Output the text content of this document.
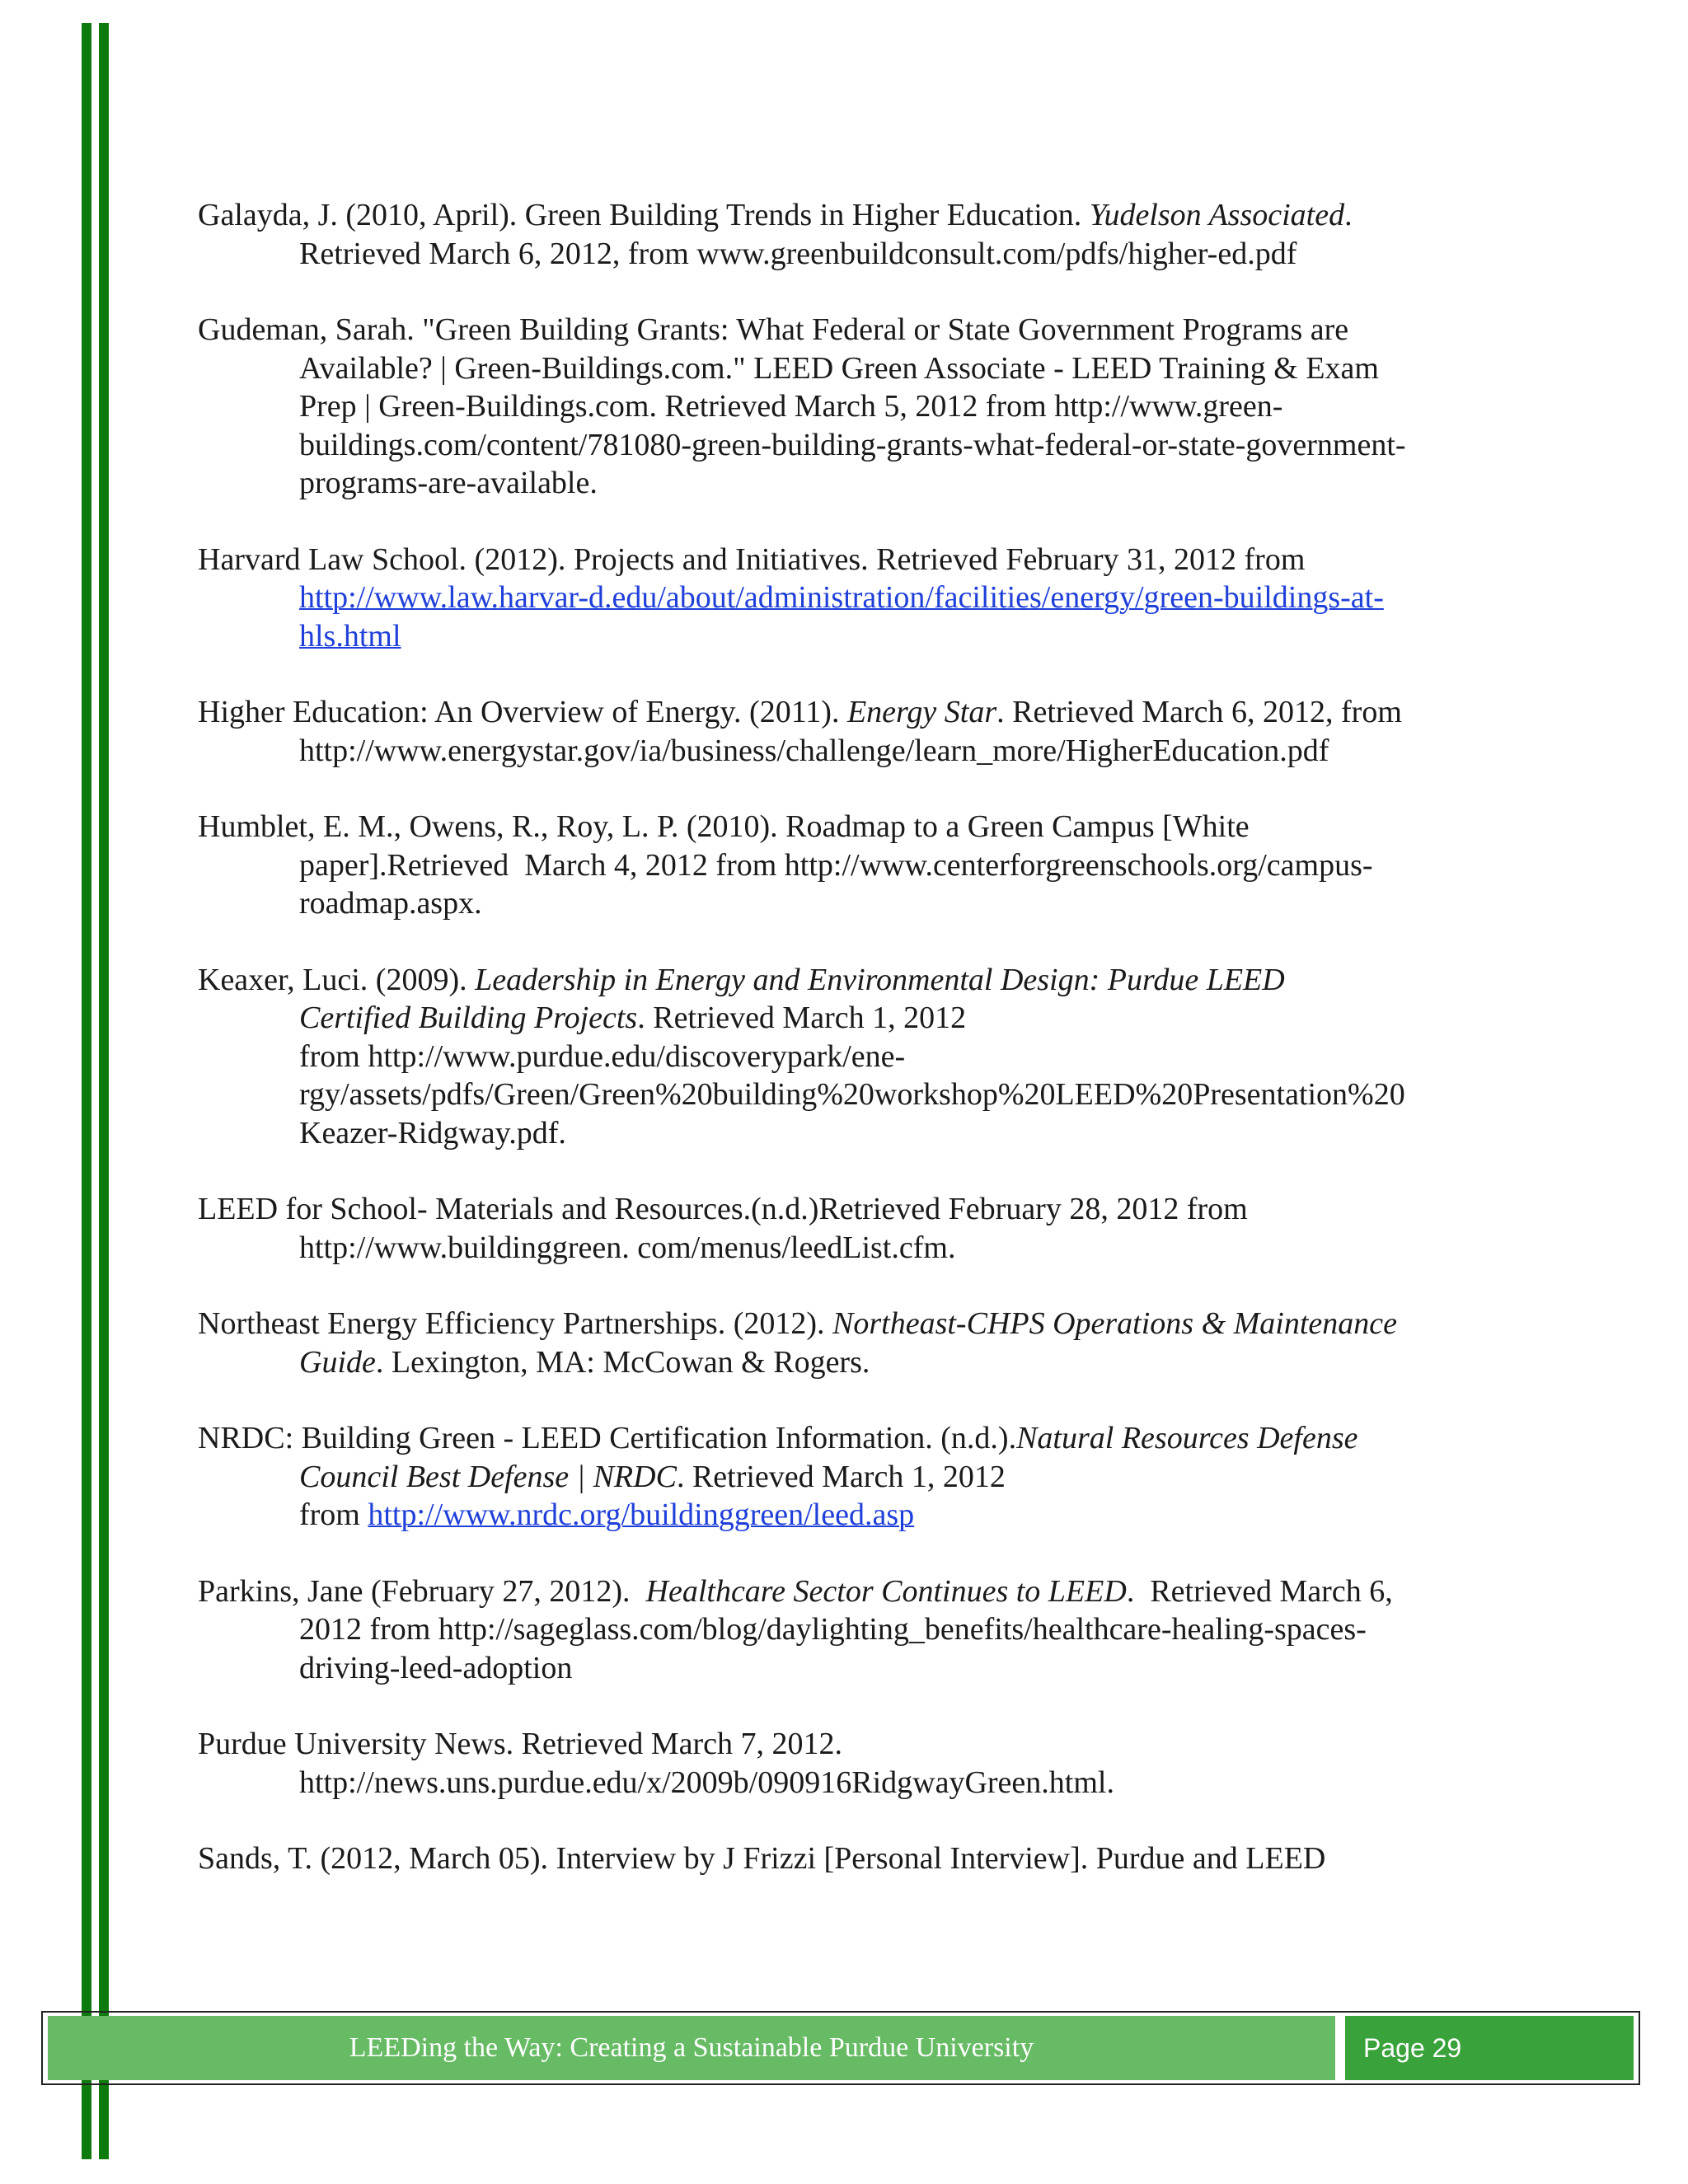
Galayda, J. (2010, April). Green Building Trends in Higher Education. Yudelson Associated.
Retrieved March 6, 2012, from www.greenbuildconsult.com/pdfs/higher-ed.pdf

Gudeman, Sarah. "Green Building Grants: What Federal or State Government Programs are
Available? | Green-Buildings.com." LEED Green Associate - LEED Training & Exam
Prep | Green-Buildings.com. Retrieved March 5, 2012 from http://www.green-
buildings.com/content/781080-green-building-grants-what-federal-or-state-government-
programs-are-available.

Harvard Law School. (2012). Projects and Initiatives. Retrieved February 31, 2012 from
http://www.law.harvar-d.edu/about/administration/facilities/energy/green-buildings-at-
hls.html

Higher Education: An Overview of Energy. (2011). Energy Star. Retrieved March 6, 2012, from
http://www.energystar.gov/ia/business/challenge/learn_more/HigherEducation.pdf

Humblet, E. M., Owens, R., Roy, L. P. (2010). Roadmap to a Green Campus [White
paper].Retrieved  March 4, 2012 from http://www.centerforgreenschools.org/campus-
roadmap.aspx.

Keaxer, Luci. (2009). Leadership in Energy and Environmental Design: Purdue LEED
Certified Building Projects. Retrieved March 1, 2012
from http://www.purdue.edu/discoverypark/ene-
rgy/assets/pdfs/Green/Green%20building%20workshop%20LEED%20Presentation%20
Keazer-Ridgway.pdf.

LEED for School- Materials and Resources.(n.d.)Retrieved February 28, 2012 from
http://www.buildinggreen. com/menus/leedList.cfm.

Northeast Energy Efficiency Partnerships. (2012). Northeast-CHPS Operations & Maintenance
Guide. Lexington, MA: McCowan & Rogers.

NRDC: Building Green - LEED Certification Information. (n.d.).Natural Resources Defense
Council Best Defense | NRDC. Retrieved March 1, 2012
from http://www.nrdc.org/buildinggreen/leed.asp

Parkins, Jane (February 27, 2012).  Healthcare Sector Continues to LEED.  Retrieved March 6,
2012 from http://sageglass.com/blog/daylighting_benefits/healthcare-healing-spaces-
driving-leed-adoption

Purdue University News. Retrieved March 7, 2012.
http://news.uns.purdue.edu/x/2009b/090916RidgwayGreen.html.

Sands, T. (2012, March 05). Interview by J Frizzi [Personal Interview]. Purdue and LEED

LEEDing the Way: Creating a Sustainable Purdue University	Page 29
